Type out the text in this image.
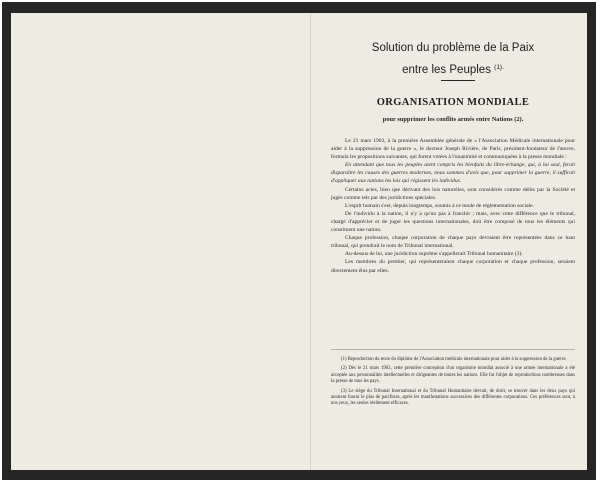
Solution du problème de la Paix
entre les Peuples $^{(1).}$
ORGANISATION MONDIALE
pour supprimer les conflits armés entre Nations (2).

Le 21 mars 1903, à la première Assemblée générale de « l'Association Médicale internationale pour aider à la suppression de la guerre », le docteur Joseph Rivière, de Paris, président-fondateur de l'œuvre, formula les propositions suivantes, qui furent votées à l'unanimité et communiquées à la presse mondiale :

En attendant que tous les peuples aient compris les bienfaits du libre-échange, qui, à lui seul, ferait disparaître les causes des guerres modernes, nous sommes d'avis que, pour supprimer la guerre, il suffirait d'appliquer aux nations les lois qui régissent les individus.

Certains actes, bien que dérivant des lois naturelles, sont considérés comme délits par la Société et jugés comme tels par des juridictions spéciales.

L'esprit humain s'est, depuis longtemps, soumis à ce mode de réglementation sociale.

De l'individu à la nation, il n'y a qu'un pas à franchir ; mais, avec cette différence que le tribunal, chargé d'apprécier et de juger les questions internationales, doit être composé de tous les éléments qui constituent une nation.

Chaque profession, chaque corporation de chaque pays devraient être représentées dans ce haut tribunal, qui prendrait le nom de Tribunal international.

Au-dessus de lui, une juridiction suprême s'appellerait Tribunal humanitaire (3).

Les membres du premier, qui représenteraient chaque corporation et chaque profession, seraient directement élus par elles.

(1) Reproduction du texte du diplôme de l'Association médicale internationale pour aider à la suppression de la guerre.

(2) Dès le 21 mars 1903, cette première conception d'un organisme mondial associé à une armée internationale a été acceptée aux personnalités intellectuelles et dirigeantes de toutes les nations. Elle fut l'objet de reproductions nombreuses dans la presse de tous les pays.

(3) Le siège du Tribunal International et du Tribunal Humanitaire devrait, de droit, se trouver dans les deux pays qui auraient fourni le plus de pacifistes, après les manifestations successives des différentes corporations. Ces préférences sont, à nos yeux, les seules réellement efficaces.
